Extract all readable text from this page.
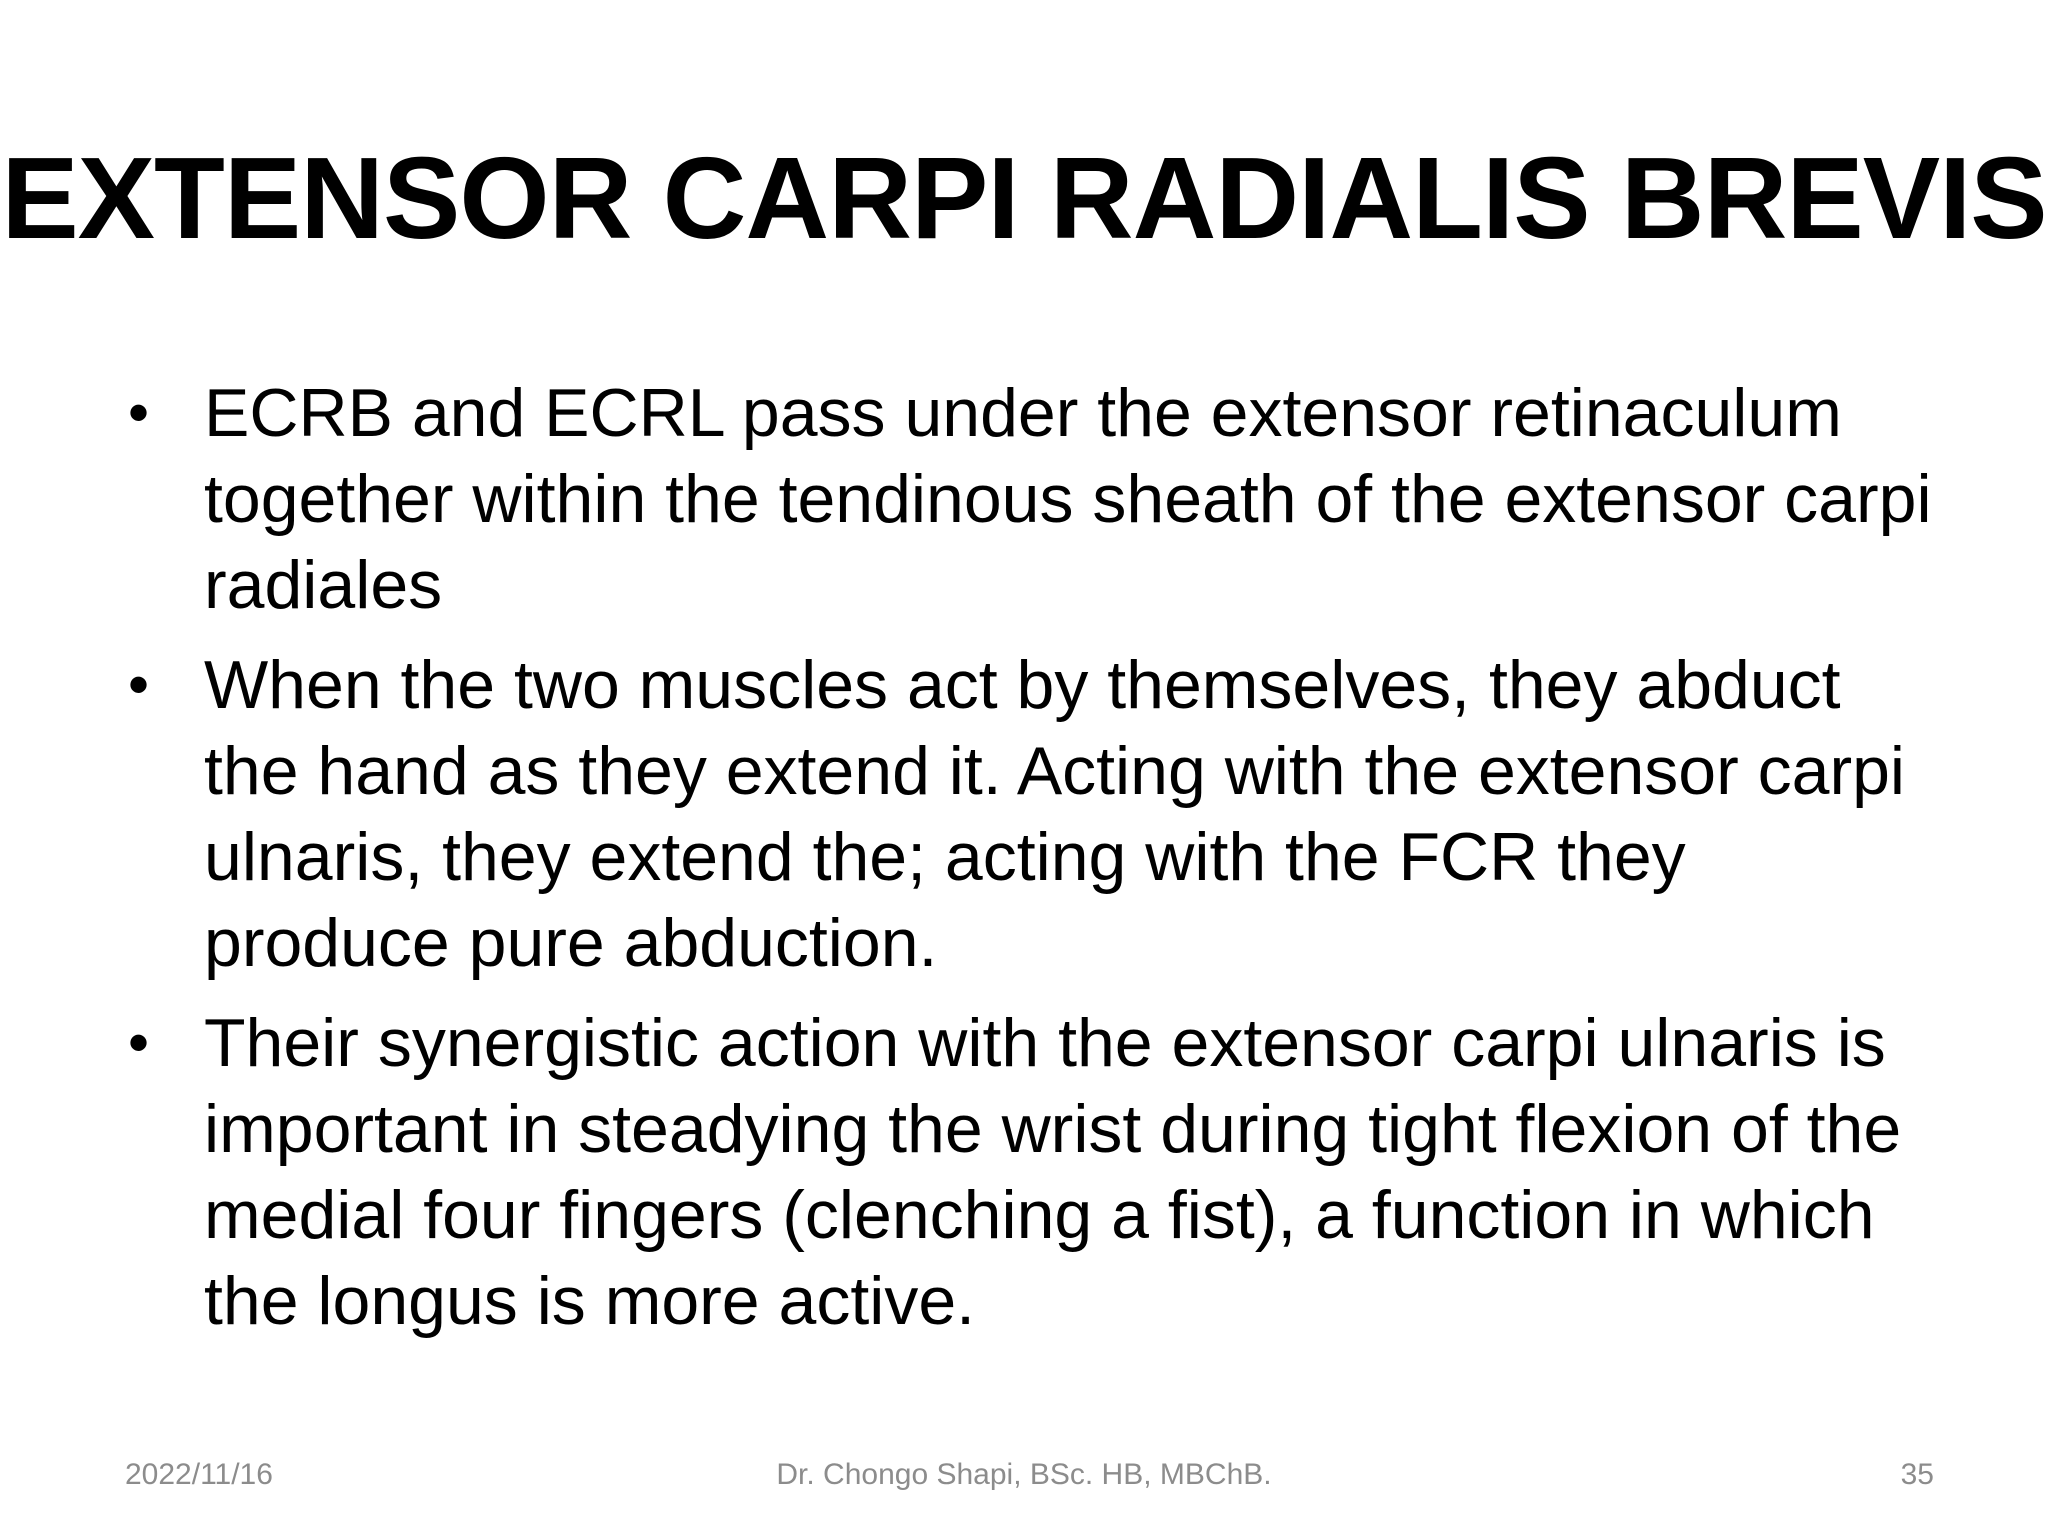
EXTENSOR CARPI RADIALIS BREVIS
• ECRB and ECRL pass under the extensor retinaculum together within the tendinous sheath of the extensor carpi radiales
• When the two muscles act by themselves, they abduct the hand as they extend it. Acting with the extensor carpi ulnaris, they extend the; acting with the FCR they produce pure abduction.
• Their synergistic action with the extensor carpi ulnaris is important in steadying the wrist during tight flexion of the medial four fingers (clenching a fist), a function in which the longus is more active.
Dr. Chongo Shapi, BSc. HB, MBChB.
2022/11/16	35
